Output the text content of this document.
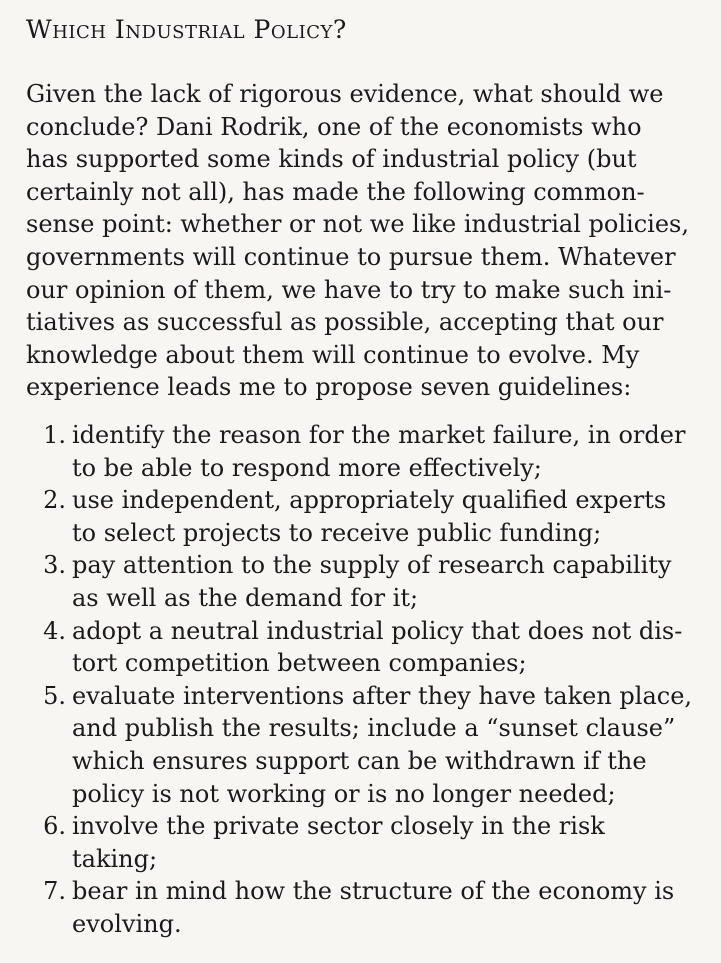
Which Industrial Policy?

Given the lack of rigorous evidence, what should we
conclude? Dani Rodrik, one of the economists who
has supported some kinds of industrial policy (but
certainly not all), has made the following common-
sense point: whether or not we like industrial policies,
governments will continue to pursue them. Whatever
our opinion of them, we have to try to make such ini-
tiatives as successful as possible, accepting that our
knowledge about them will continue to evolve. My
experience leads me to propose seven guidelines:

1. identify the reason for the market failure, in order
to be able to respond more effectively;
2. use independent, appropriately qualified experts
to select projects to receive public funding;
3. pay attention to the supply of research capability
as well as the demand for it;
4. adopt a neutral industrial policy that does not dis-
tort competition between companies;
5. evaluate interventions after they have taken place,
and publish the results; include a “sunset clause”
which ensures support can be withdrawn if the
policy is not working or is no longer needed;
6. involve the private sector closely in the risk
taking;
7. bear in mind how the structure of the economy is
evolving.
